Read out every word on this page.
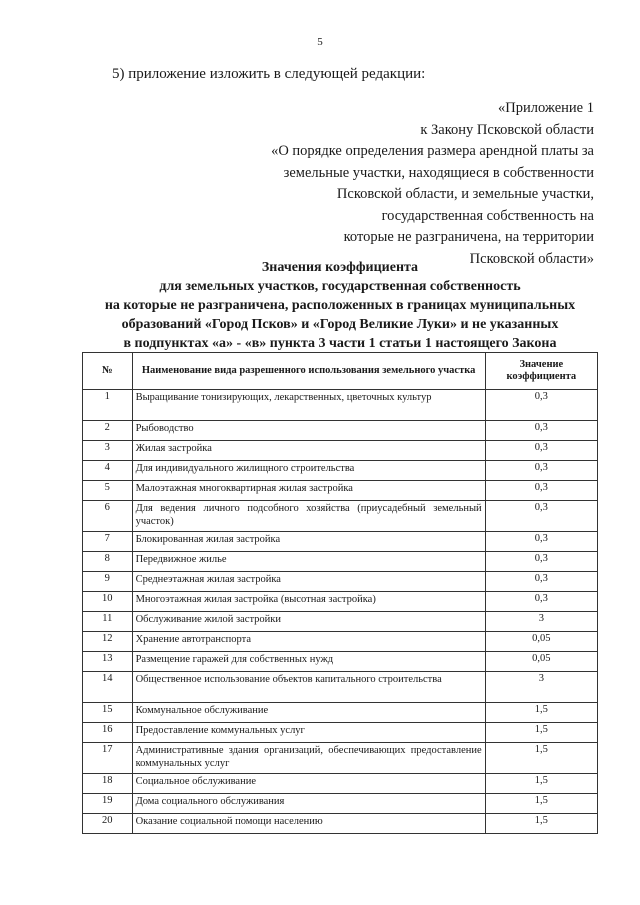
5
5) приложение изложить в следующей редакции:
«Приложение 1
к Закону Псковской области
«О порядке определения размера арендной платы за
земельные участки, находящиеся в собственности
Псковской области, и земельные участки,
государственная собственность на
которые не разграничена, на территории
Псковской области»
Значения коэффициента
для земельных участков, государственная собственность
на которые не разграничена, расположенных в границах муниципальных
образований «Город Псков» и «Город Великие Луки» и не указанных
в подпунктах «а» - «в» пункта 3 части 1 статьи 1 настоящего Закона
№	Наименование вида разрешенного использования земельного участка	Значение коэффициента
1	Выращивание тонизирующих, лекарственных, цветочных культур	0,3
2	Рыбоводство	0,3
3	Жилая застройка	0,3
4	Для индивидуального жилищного строительства	0,3
5	Малоэтажная многоквартирная жилая застройка	0,3
6	Для ведения личного подсобного хозяйства (приусадебный земельный участок)	0,3
7	Блокированная жилая застройка	0,3
8	Передвижное жилье	0,3
9	Среднеэтажная жилая застройка	0,3
10	Многоэтажная жилая застройка (высотная застройка)	0,3
11	Обслуживание жилой застройки	3
12	Хранение автотранспорта	0,05
13	Размещение гаражей для собственных нужд	0,05
14	Общественное использование объектов капитального строительства	3
15	Коммунальное обслуживание	1,5
16	Предоставление коммунальных услуг	1,5
17	Административные здания организаций, обеспечивающих предоставление коммунальных услуг	1,5
18	Социальное обслуживание	1,5
19	Дома социального обслуживания	1,5
20	Оказание социальной помощи населению	1,5
